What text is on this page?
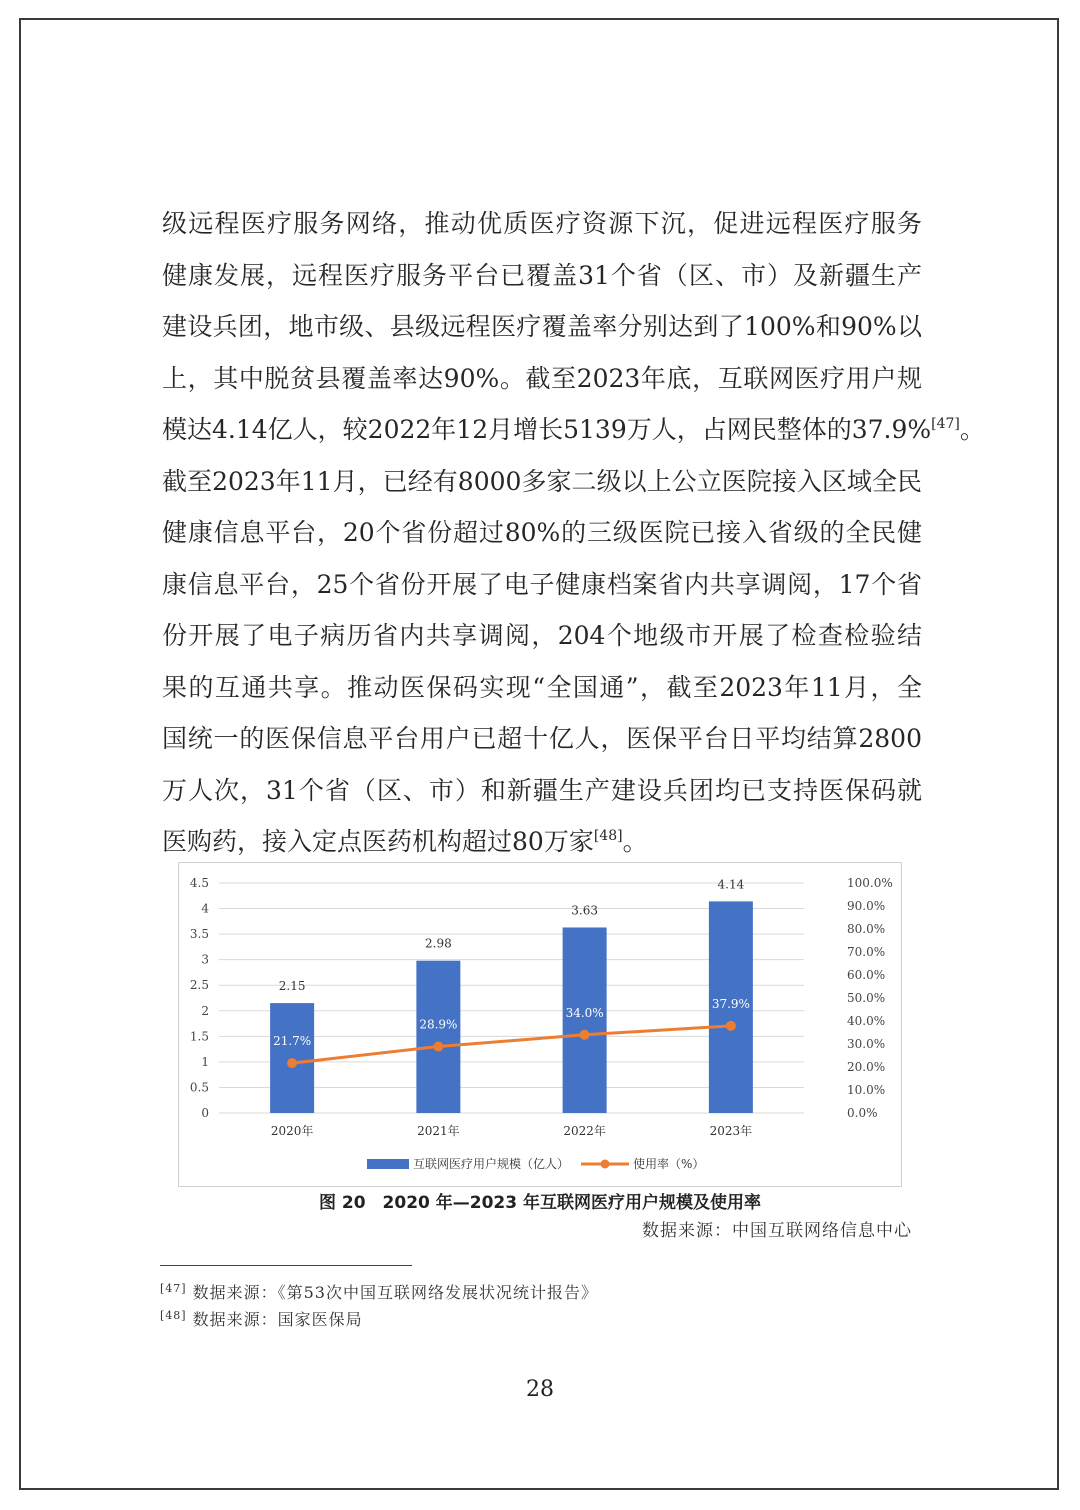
级远程医疗服务网络，推动优质医疗资源下沉，促进远程医疗服务
健康发展，远程医疗服务平台已覆盖31个省（区、市）及新疆生产
建设兵团，地市级、县级远程医疗覆盖率分别达到了100%和90%以
上，其中脱贫县覆盖率达90%。截至2023年底，互联网医疗用户规
模达4.14亿人，较2022年12月增长5139万人，占网民整体的37.9%[47]。
截至2023年11月，已经有8000多家二级以上公立医院接入区域全民
健康信息平台，20个省份超过80%的三级医院已接入省级的全民健
康信息平台，25个省份开展了电子健康档案省内共享调阅，17个省
份开展了电子病历省内共享调阅，204个地级市开展了检查检验结
果的互通共享。推动医保码实现“全国通”，截至2023年11月，全
国统一的医保信息平台用户已超十亿人，医保平台日平均结算2800
万人次，31个省（区、市）和新疆生产建设兵团均已支持医保码就
医购药，接入定点医药机构超过80万家[48]。
0
0.5
1
1.5
2
2.5
3
3.5
4
4.5
0.0%
10.0%
20.0%
30.0%
40.0%
50.0%
60.0%
70.0%
80.0%
90.0%
100.0%
2.15
2020年
2.98
2021年
3.63
2022年
4.14
2023年
21.7%
28.9%
34.0%
37.9%
互联网医疗用户规模（亿人）	使用率（%）
图 20　2020 年—2023 年互联网医疗用户规模及使用率
数据来源：中国互联网络信息中心
[47] 数据来源：《第53次中国互联网络发展状况统计报告》
[48] 数据来源：国家医保局
28
